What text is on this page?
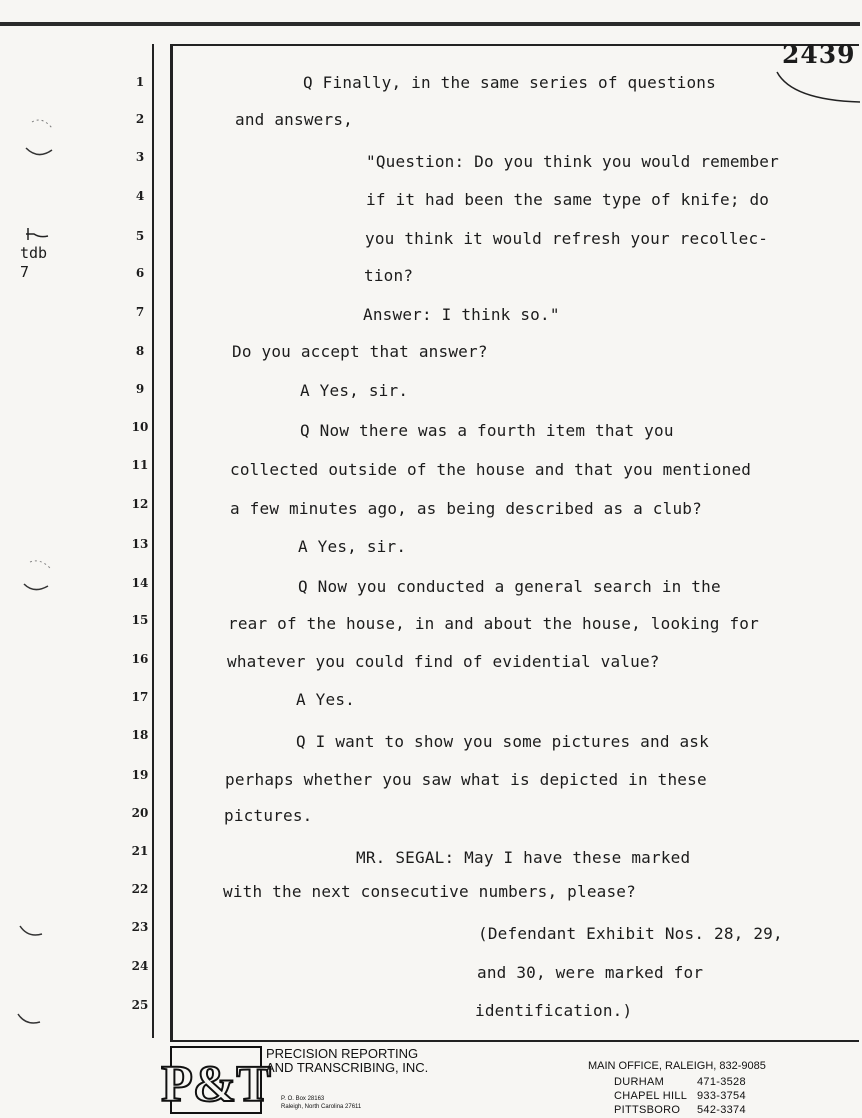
2439
tdb
7
1	Q Finally, in the same series of questions
2	and answers,
3	"Question: Do you think you would remember
4	if it had been the same type of knife; do
5	you think it would refresh your recollec-
6	tion?
7	Answer: I think so."
8	Do you accept that answer?
9	A Yes, sir.
10	Q Now there was a fourth item that you
11	collected outside of the house and that you mentioned
12	a few minutes ago, as being described as a club?
13	A Yes, sir.
14	Q Now you conducted a general search in the
15	rear of the house, in and about the house, looking for
16	whatever you could find of evidential value?
17	A Yes.
18	Q I want to show you some pictures and ask
19	perhaps whether you saw what is depicted in these
20	pictures.
21	MR. SEGAL: May I have these marked
22	with the next consecutive numbers, please?
23	(Defendant Exhibit Nos. 28, 29,
24	and 30, were marked for
25	identification.)
P&T
PRECISION REPORTING
AND TRANSCRIBING, INC.
P. O. Box 28163
Raleigh, North Carolina 27611
MAIN OFFICE, RALEIGH, 832-9085
DURHAM	471-3528
CHAPEL HILL 933-3754
PITTSBORO 542-3374
